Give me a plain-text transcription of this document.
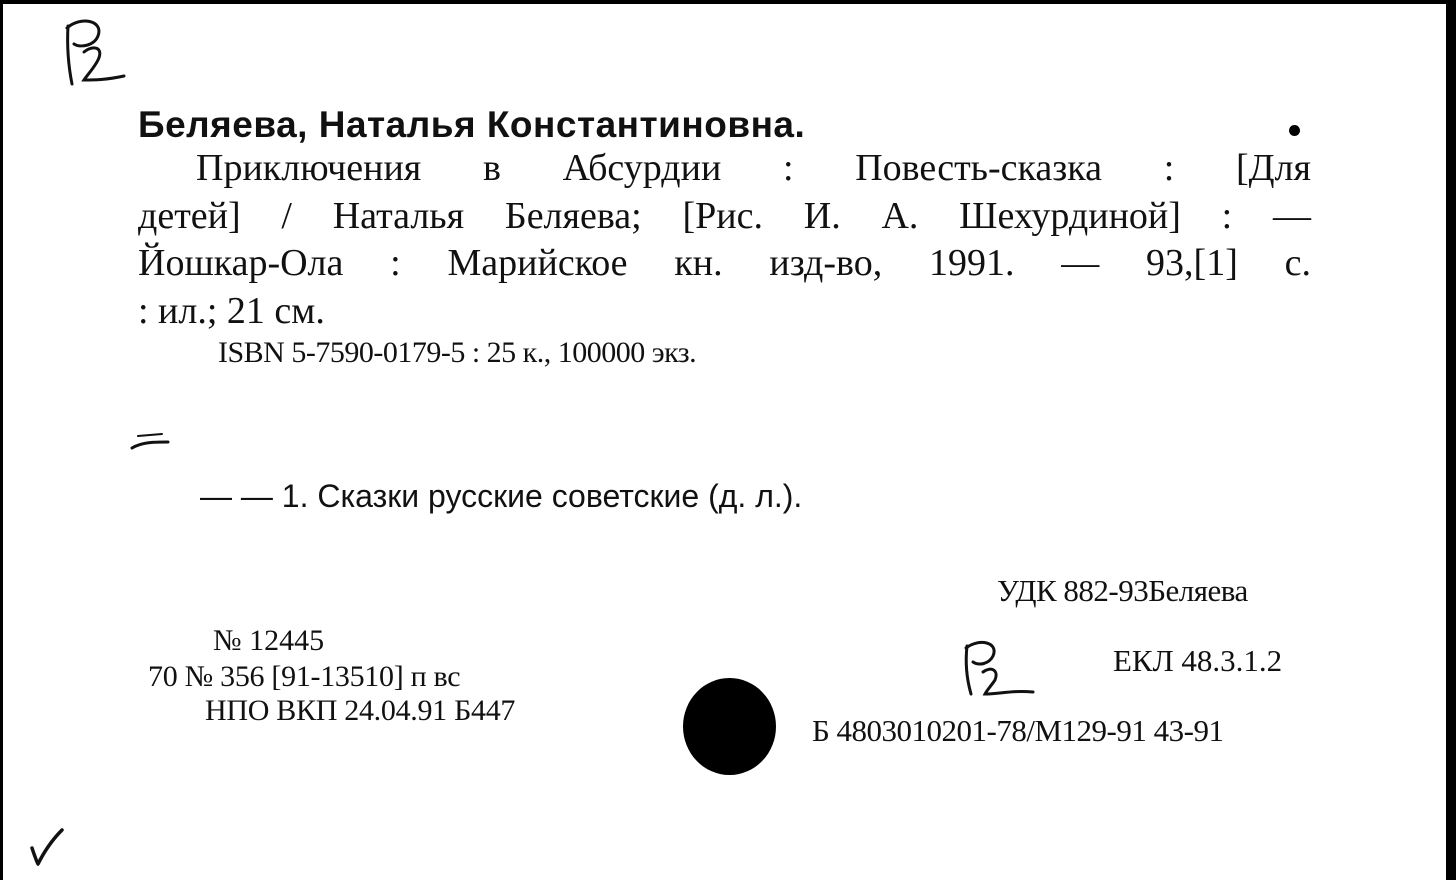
Беляева, Наталья Константиновна.

Приключения в Абсурдии : Повесть-сказка : [Для

детей] / Наталья Беляева; [Рис. И. А. Шехурдиной] : —

Йошкар-Ола : Марийское кн. изд-во, 1991. — 93,[1] с.

: ил.; 21 см.

ISBN 5-7590-0179-5 : 25 к., 100000 экз.

— — 1. Сказки русские советские (д. л.).

УДК 882-93Беляева

ЕКЛ 48.3.1.2

№ 12445

70 № 356 [91-13510] п вс

НПО ВКП 24.04.91 Б447

Б 4803010201-78/М129-91 43-91
